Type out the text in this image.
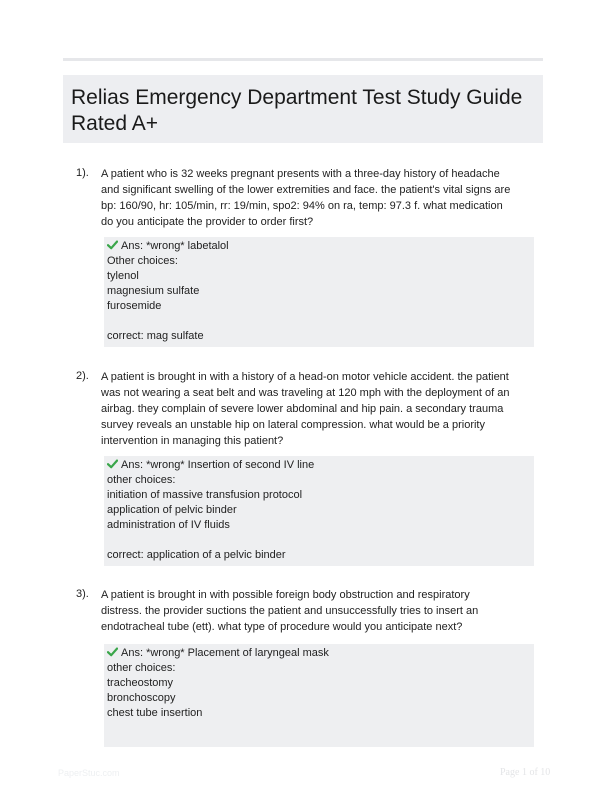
Relias Emergency Department Test Study Guide Rated A+
1). A patient who is 32 weeks pregnant presents with a three-day history of headache and significant swelling of the lower extremities and face. the patient's vital signs are bp: 160/90, hr: 105/min, rr: 19/min, spo2: 94% on ra, temp: 97.3 f. what medication do you anticipate the provider to order first?
Ans: *wrong* labetalol
Other choices:
tylenol
magnesium sulfate
furosemide
correct: mag sulfate
2). A patient is brought in with a history of a head-on motor vehicle accident. the patient was not wearing a seat belt and was traveling at 120 mph with the deployment of an airbag. they complain of severe lower abdominal and hip pain. a secondary trauma survey reveals an unstable hip on lateral compression. what would be a priority intervention in managing this patient?
Ans: *wrong* Insertion of second IV line
other choices:
initiation of massive transfusion protocol
application of pelvic binder
administration of IV fluids
correct: application of a pelvic binder
3). A patient is brought in with possible foreign body obstruction and respiratory distress. the provider suctions the patient and unsuccessfully tries to insert an endotracheal tube (ett). what type of procedure would you anticipate next?
Ans: *wrong* Placement of laryngeal mask
other choices:
tracheostomy
bronchoscopy
chest tube insertion
PaperStuc.com	Page 1 of 10
